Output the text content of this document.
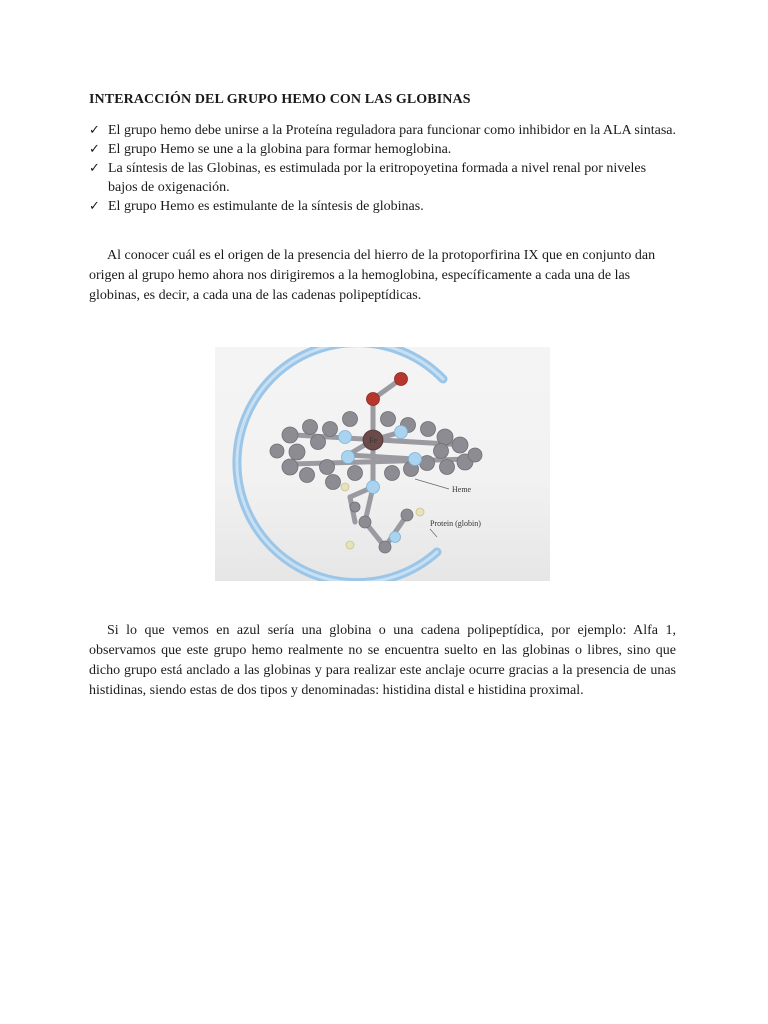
INTERACCIÓN DEL GRUPO HEMO CON LAS GLOBINAS
✓ El grupo hemo debe unirse a la Proteína reguladora para funcionar como inhibidor en la ALA sintasa.
✓ El grupo Hemo se une a la globina para formar hemoglobina.
✓ La síntesis de las Globinas, es estimulada por la eritropoyetina formada a nivel renal por niveles bajos de oxigenación.
✓ El grupo Hemo es estimulante de la síntesis de globinas.

Al conocer cuál es el origen de la presencia del hierro de la protoporfirina IX que en conjunto dan origen al grupo hemo ahora nos dirigiremos a la hemoglobina, específicamente a cada una de las globinas, es decir, a cada una de las cadenas polipeptídicas.

Fe
Heme
Protein (globin)

Si lo que vemos en azul sería una globina o una cadena polipeptídica, por ejemplo: Alfa 1, observamos que este grupo hemo realmente no se encuentra suelto en las globinas o libres, sino que dicho grupo está anclado a las globinas y para realizar este anclaje ocurre gracias a la presencia de unas histidinas, siendo estas de dos tipos y denominadas: histidina distal e histidina proximal.
